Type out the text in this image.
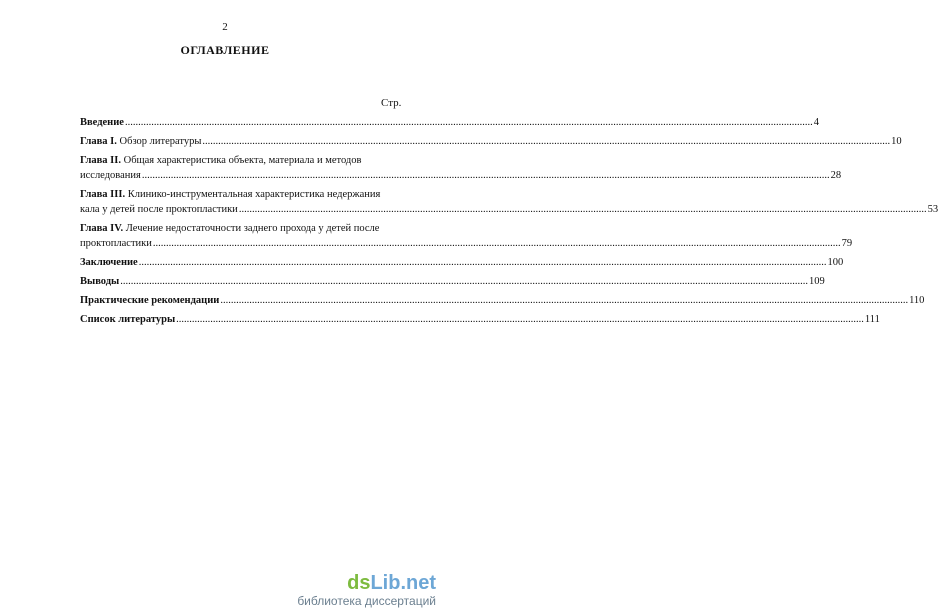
2
ОГЛАВЛЕНИЕ
Стр.
Введение ...................................................................................................................................................................................................................................................................... 4
Глава I. Обзор литературы ...................................................................................................................................................................................................................................................................... 10
Глава II. Общая характеристика объекта, материала и методов
исследования ...................................................................................................................................................................................................................................................................... 28
Глава III. Клинико-инструментальная характеристика недержания
кала у детей после проктопластики ...................................................................................................................................................................................................................................................................... 53
Глава IV. Лечение недостаточности заднего прохода у детей после
проктопластики ...................................................................................................................................................................................................................................................................... 79
Заключение ...................................................................................................................................................................................................................................................................... 100
Выводы ...................................................................................................................................................................................................................................................................... 109
Практические рекомендации ...................................................................................................................................................................................................................................................................... 110
Список литературы ...................................................................................................................................................................................................................................................................... 111
dsLib.net
библиотека диссертаций
